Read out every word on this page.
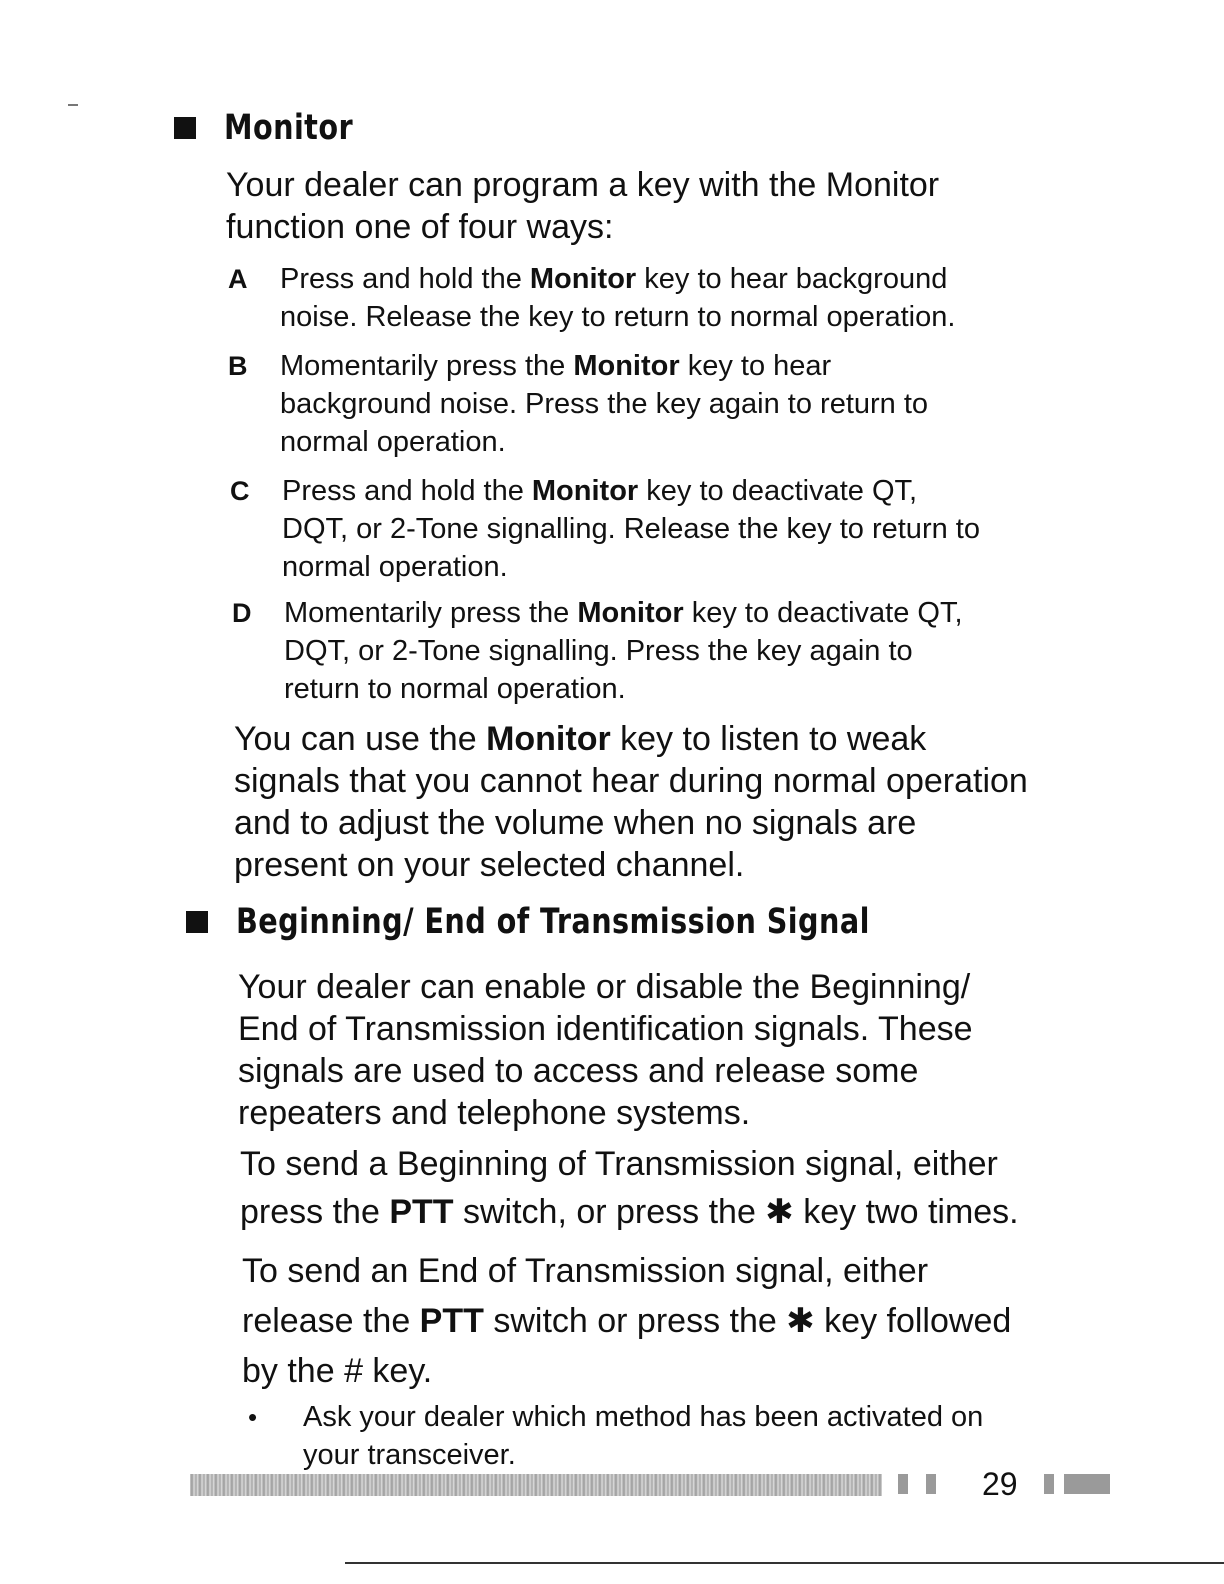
Monitor

Your dealer can program a key with the Monitor
function one of four ways:

A Press and hold the Monitor key to hear background
noise. Release the key to return to normal operation.
B Momentarily press the Monitor key to hear
background noise. Press the key again to return to
normal operation.
C Press and hold the Monitor key to deactivate QT,
DQT, or 2-Tone signalling. Release the key to return to
normal operation.
D Momentarily press the Monitor key to deactivate QT,
DQT, or 2-Tone signalling. Press the key again to
return to normal operation.

You can use the Monitor key to listen to weak
signals that you cannot hear during normal operation
and to adjust the volume when no signals are
present on your selected channel.

Beginning/ End of Transmission Signal

Your dealer can enable or disable the Beginning/
End of Transmission identification signals. These
signals are used to access and release some
repeaters and telephone systems.

To send a Beginning of Transmission signal, either
press the PTT switch, or press the ✱ key two times.

To send an End of Transmission signal, either
release the PTT switch or press the ✱ key followed
by the # key.

• Ask your dealer which method has been activated on
your transceiver.
29
